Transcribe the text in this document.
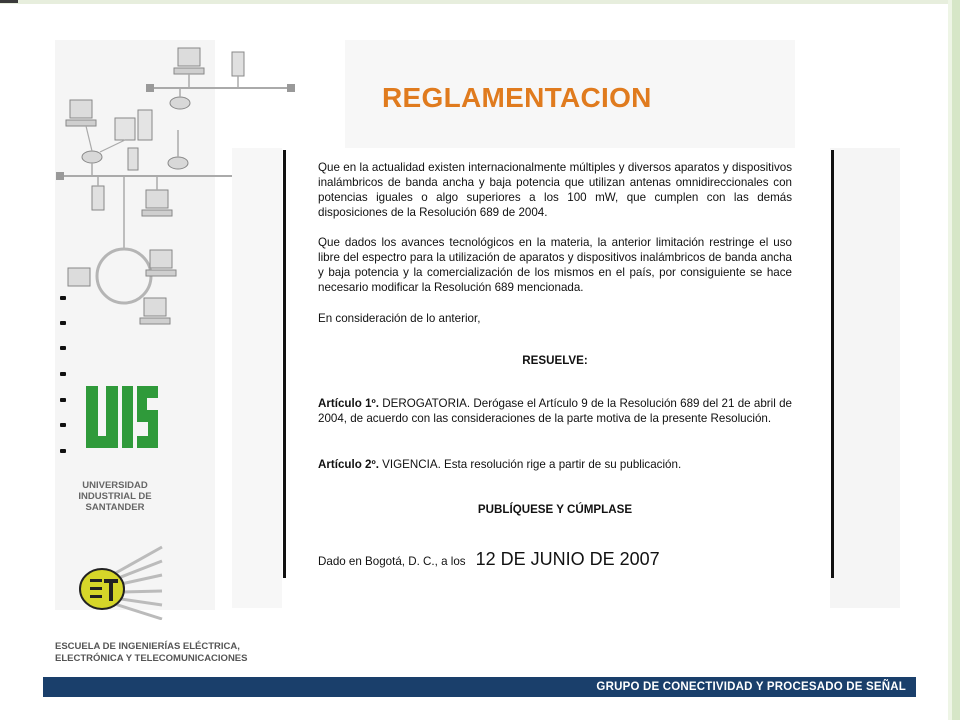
UNIVERSIDAD INDUSTRIAL DE SANTANDER
ESCUELA DE INGENIERÍAS ELÉCTRICA,
ELECTRÓNICA Y TELECOMUNICACIONES
REGLAMENTACION

Que en la actualidad existen internacionalmente múltiples y diversos aparatos y dispositivos inalámbricos de banda ancha y baja potencia que utilizan antenas omnidireccionales con potencias iguales o algo superiores a los 100 mW, que cumplen con las demás disposiciones de la Resolución 689 de 2004.

Que dados los avances tecnológicos en la materia, la anterior limitación restringe el uso libre del espectro para la utilización de aparatos y dispositivos inalámbricos de banda ancha y baja potencia y la comercialización de los mismos en el país, por consiguiente se hace necesario modificar la Resolución 689 mencionada.

En consideración de lo anterior,

RESUELVE:

Artículo 1º. DEROGATORIA. Derógase el Artículo 9 de la Resolución 689 del 21 de abril de 2004, de acuerdo con las consideraciones de la parte motiva de la presente Resolución.

Artículo 2º. VIGENCIA. Esta resolución rige a partir de su publicación.

PUBLÍQUESE Y CÚMPLASE

Dado en Bogotá, D. C., a los 12 DE JUNIO DE 2007

GRUPO DE CONECTIVIDAD Y PROCESADO DE SEÑAL
